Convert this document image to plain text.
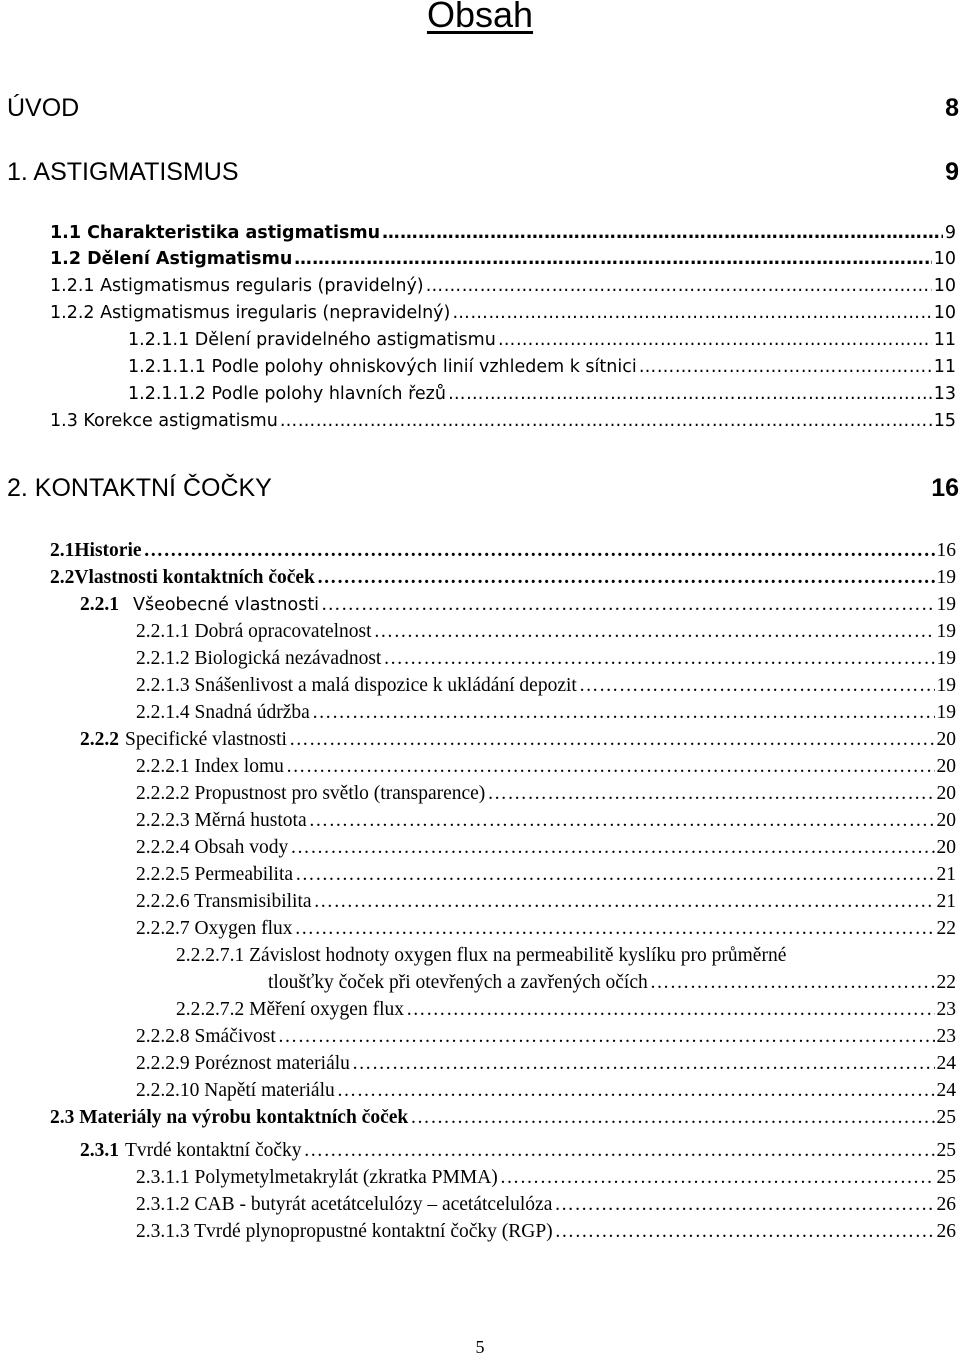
Obsah
ÚVOD	8
1. ASTIGMATISMUS	9
1.1 Charakteristika astigmatismu …………………………………………………………………………………………………………………………………………………………………………………………………………	9
1.2 Dělení Astigmatismu …………………………………………………………………………………………………………………………………………………………………………………………………………	10
1.2.1 Astigmatismus regularis (pravidelný) …………………………………………………………………………………………………………………………………………………………………………………………………………	10
1.2.2 Astigmatismus iregularis (nepravidelný) …………………………………………………………………………………………………………………………………………………………………………………………………………	10
1.2.1.1 Dělení pravidelného astigmatismu …………………………………………………………………………………………………………………………………………………………………………………………………………	11
1.2.1.1.1 Podle polohy ohniskových linií vzhledem k sítnici …………………………………………………………………………………………………………………………………………………………………………………………………………	11
1.2.1.1.2 Podle polohy hlavních řezů …………………………………………………………………………………………………………………………………………………………………………………………………………	13
1.3 Korekce astigmatismu …………………………………………………………………………………………………………………………………………………………………………………………………………	15
2. KONTAKTNÍ ČOČKY	16
2.1Historie …………………………………………………………………………………………………………………………………………………………………………………………………………	16
2.2Vlastnosti kontaktních čoček …………………………………………………………………………………………………………………………………………………………………………………………………………	19
2.2.1 Všeobecné vlastnosti …………………………………………………………………………………………………………………………………………………………………………………………………………	19
2.2.1.1 Dobrá opracovatelnost …………………………………………………………………………………………………………………………………………………………………………………………………………	19
2.2.1.2 Biologická nezávadnost …………………………………………………………………………………………………………………………………………………………………………………………………………	19
2.2.1.3 Snášenlivost a malá dispozice k ukládání depozit …………………………………………………………………………………………………………………………………………………………………………………………………………	19
2.2.1.4 Snadná údržba …………………………………………………………………………………………………………………………………………………………………………………………………………	19
2.2.2 Specifické vlastnosti …………………………………………………………………………………………………………………………………………………………………………………………………………	20
2.2.2.1 Index lomu …………………………………………………………………………………………………………………………………………………………………………………………………………	20
2.2.2.2 Propustnost pro světlo (transparence) …………………………………………………………………………………………………………………………………………………………………………………………………………	20
2.2.2.3 Měrná hustota …………………………………………………………………………………………………………………………………………………………………………………………………………	20
2.2.2.4 Obsah vody …………………………………………………………………………………………………………………………………………………………………………………………………………	20
2.2.2.5 Permeabilita …………………………………………………………………………………………………………………………………………………………………………………………………………	21
2.2.2.6 Transmisibilita …………………………………………………………………………………………………………………………………………………………………………………………………………	21
2.2.2.7 Oxygen flux …………………………………………………………………………………………………………………………………………………………………………………………………………	22
2.2.2.7.1 Závislost hodnoty oxygen flux na permeabilitě kyslíku pro průměrné
tloušťky čoček při otevřených a zavřených očích …………………………………………………………………………………………………………………………………………………………………………………………………………	22
2.2.2.7.2 Měření oxygen flux …………………………………………………………………………………………………………………………………………………………………………………………………………	23
2.2.2.8 Smáčivost …………………………………………………………………………………………………………………………………………………………………………………………………………	23
2.2.2.9 Poréznost materiálu …………………………………………………………………………………………………………………………………………………………………………………………………………	24
2.2.2.10 Napětí materiálu …………………………………………………………………………………………………………………………………………………………………………………………………………	24
2.3 Materiály na výrobu kontaktních čoček …………………………………………………………………………………………………………………………………………………………………………………………………………	25
2.3.1 Tvrdé kontaktní čočky …………………………………………………………………………………………………………………………………………………………………………………………………………	25
2.3.1.1 Polymetylmetakrylát (zkratka PMMA) …………………………………………………………………………………………………………………………………………………………………………………………………………	25
2.3.1.2 CAB - butyrát acetátcelulózy – acetátcelulóza …………………………………………………………………………………………………………………………………………………………………………………………………………	26
2.3.1.3 Tvrdé plynopropustné kontaktní čočky (RGP) …………………………………………………………………………………………………………………………………………………………………………………………………………	26
5
